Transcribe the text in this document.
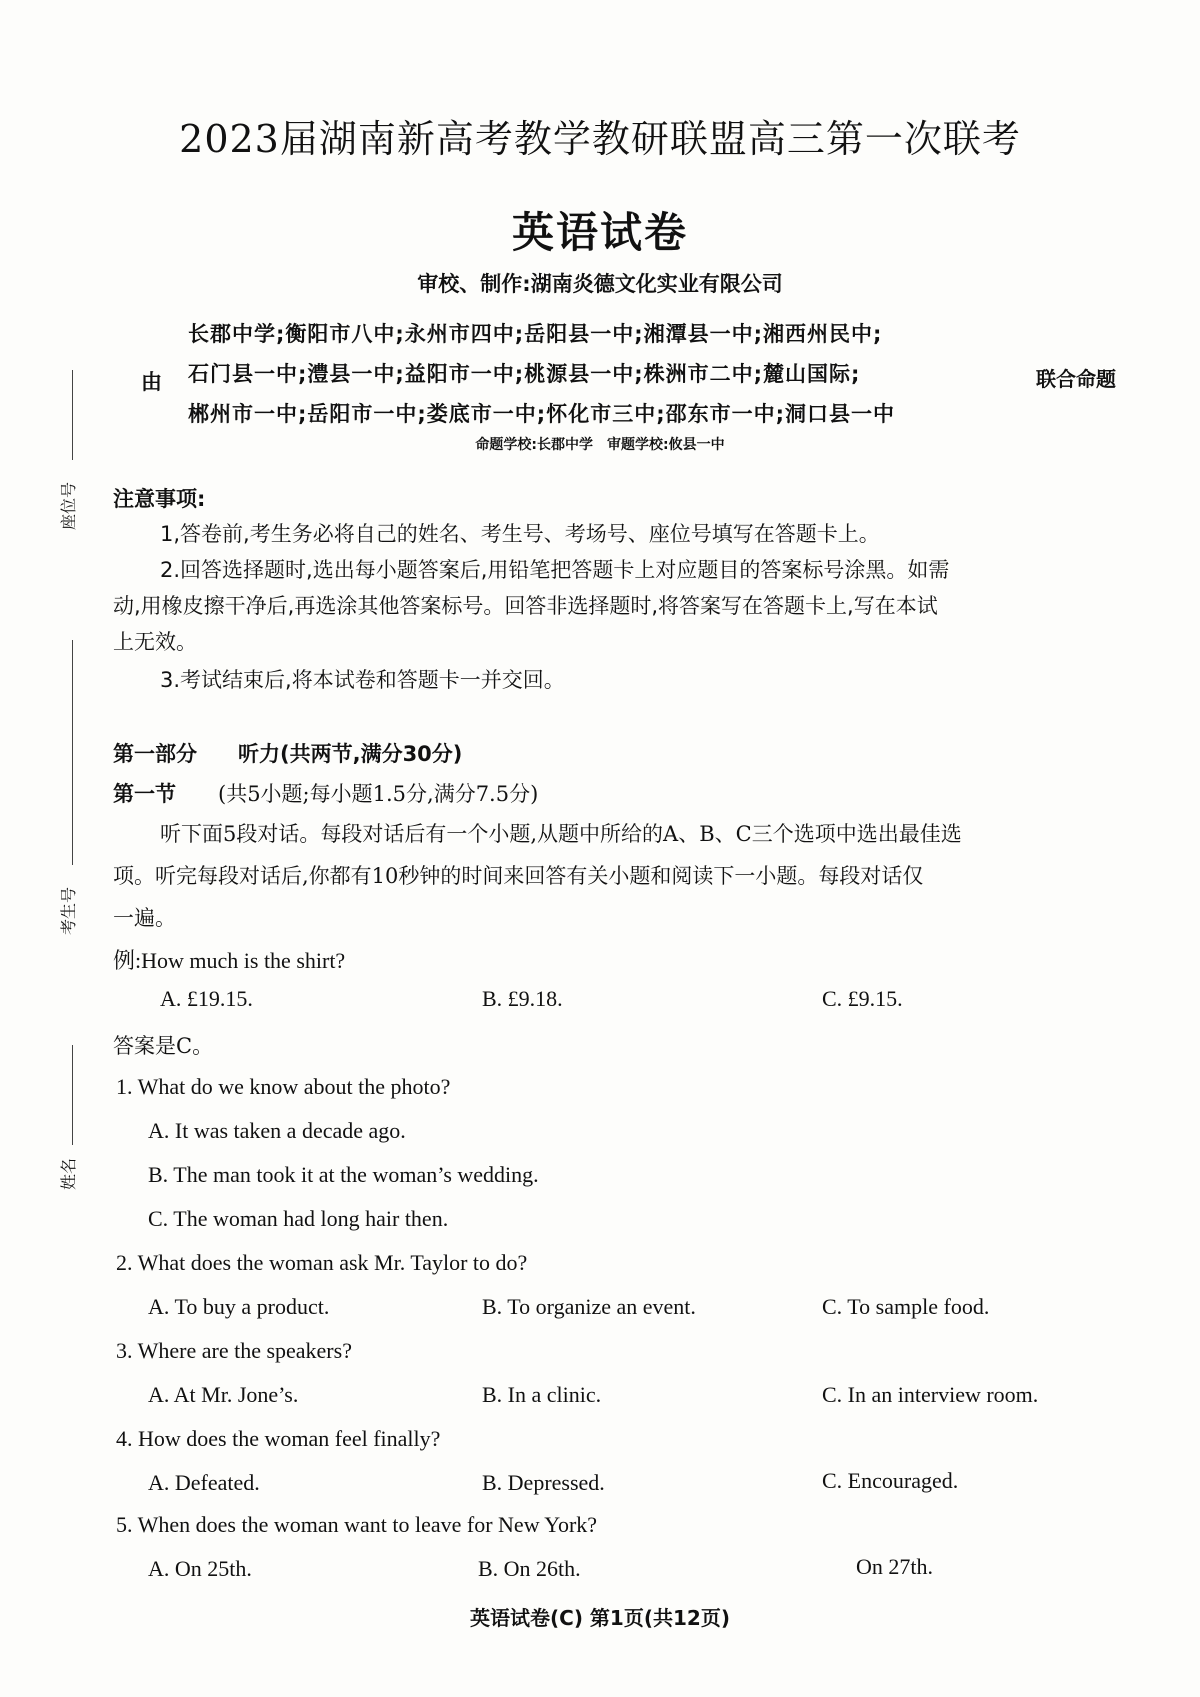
座位号
考生号
姓名
2023届湖南新高考教学教研联盟高三第一次联考
英语试卷
审校、制作:湖南炎德文化实业有限公司
由
长郡中学;衡阳市八中;永州市四中;岳阳县一中;湘潭县一中;湘西州民中;
石门县一中;澧县一中;益阳市一中;桃源县一中;株洲市二中;麓山国际;
郴州市一中;岳阳市一中;娄底市一中;怀化市三中;邵东市一中;洞口县一中
联合命题
命题学校:长郡中学　审题学校:攸县一中
注意事项:
1,答卷前,考生务必将自己的姓名、考生号、考场号、座位号填写在答题卡上。
2.回答选择题时,选出每小题答案后,用铅笔把答题卡上对应题目的答案标号涂黑。如需
动,用橡皮擦干净后,再选涂其他答案标号。回答非选择题时,将答案写在答题卡上,写在本试
上无效。
3.考试结束后,将本试卷和答题卡一并交回。
第一部分 听力(共两节,满分30分)
第一节 (共5小题;每小题1.5分,满分7.5分)
听下面5段对话。每段对话后有一个小题,从题中所给的A、B、C三个选项中选出最佳选
项。听完每段对话后,你都有10秒钟的时间来回答有关小题和阅读下一小题。每段对话仅
一遍。
例:How much is the shirt?
A. £19.15.	B. £9.18.	C. £9.15.
答案是C。
1. What do we know about the photo?
A. It was taken a decade ago.
B. The man took it at the woman’s wedding.
C. The woman had long hair then.
2. What does the woman ask Mr. Taylor to do?
A. To buy a product.	B. To organize an event.	C. To sample food.
3. Where are the speakers?
A. At Mr. Jone’s.	B. In a clinic.	C. In an interview room.
4. How does the woman feel finally?
A. Defeated.	B. Depressed.	C. Encouraged.
5. When does the woman want to leave for New York?
A. On 25th.	B. On 26th.	On 27th.
英语试卷(C) 第1页(共12页)
